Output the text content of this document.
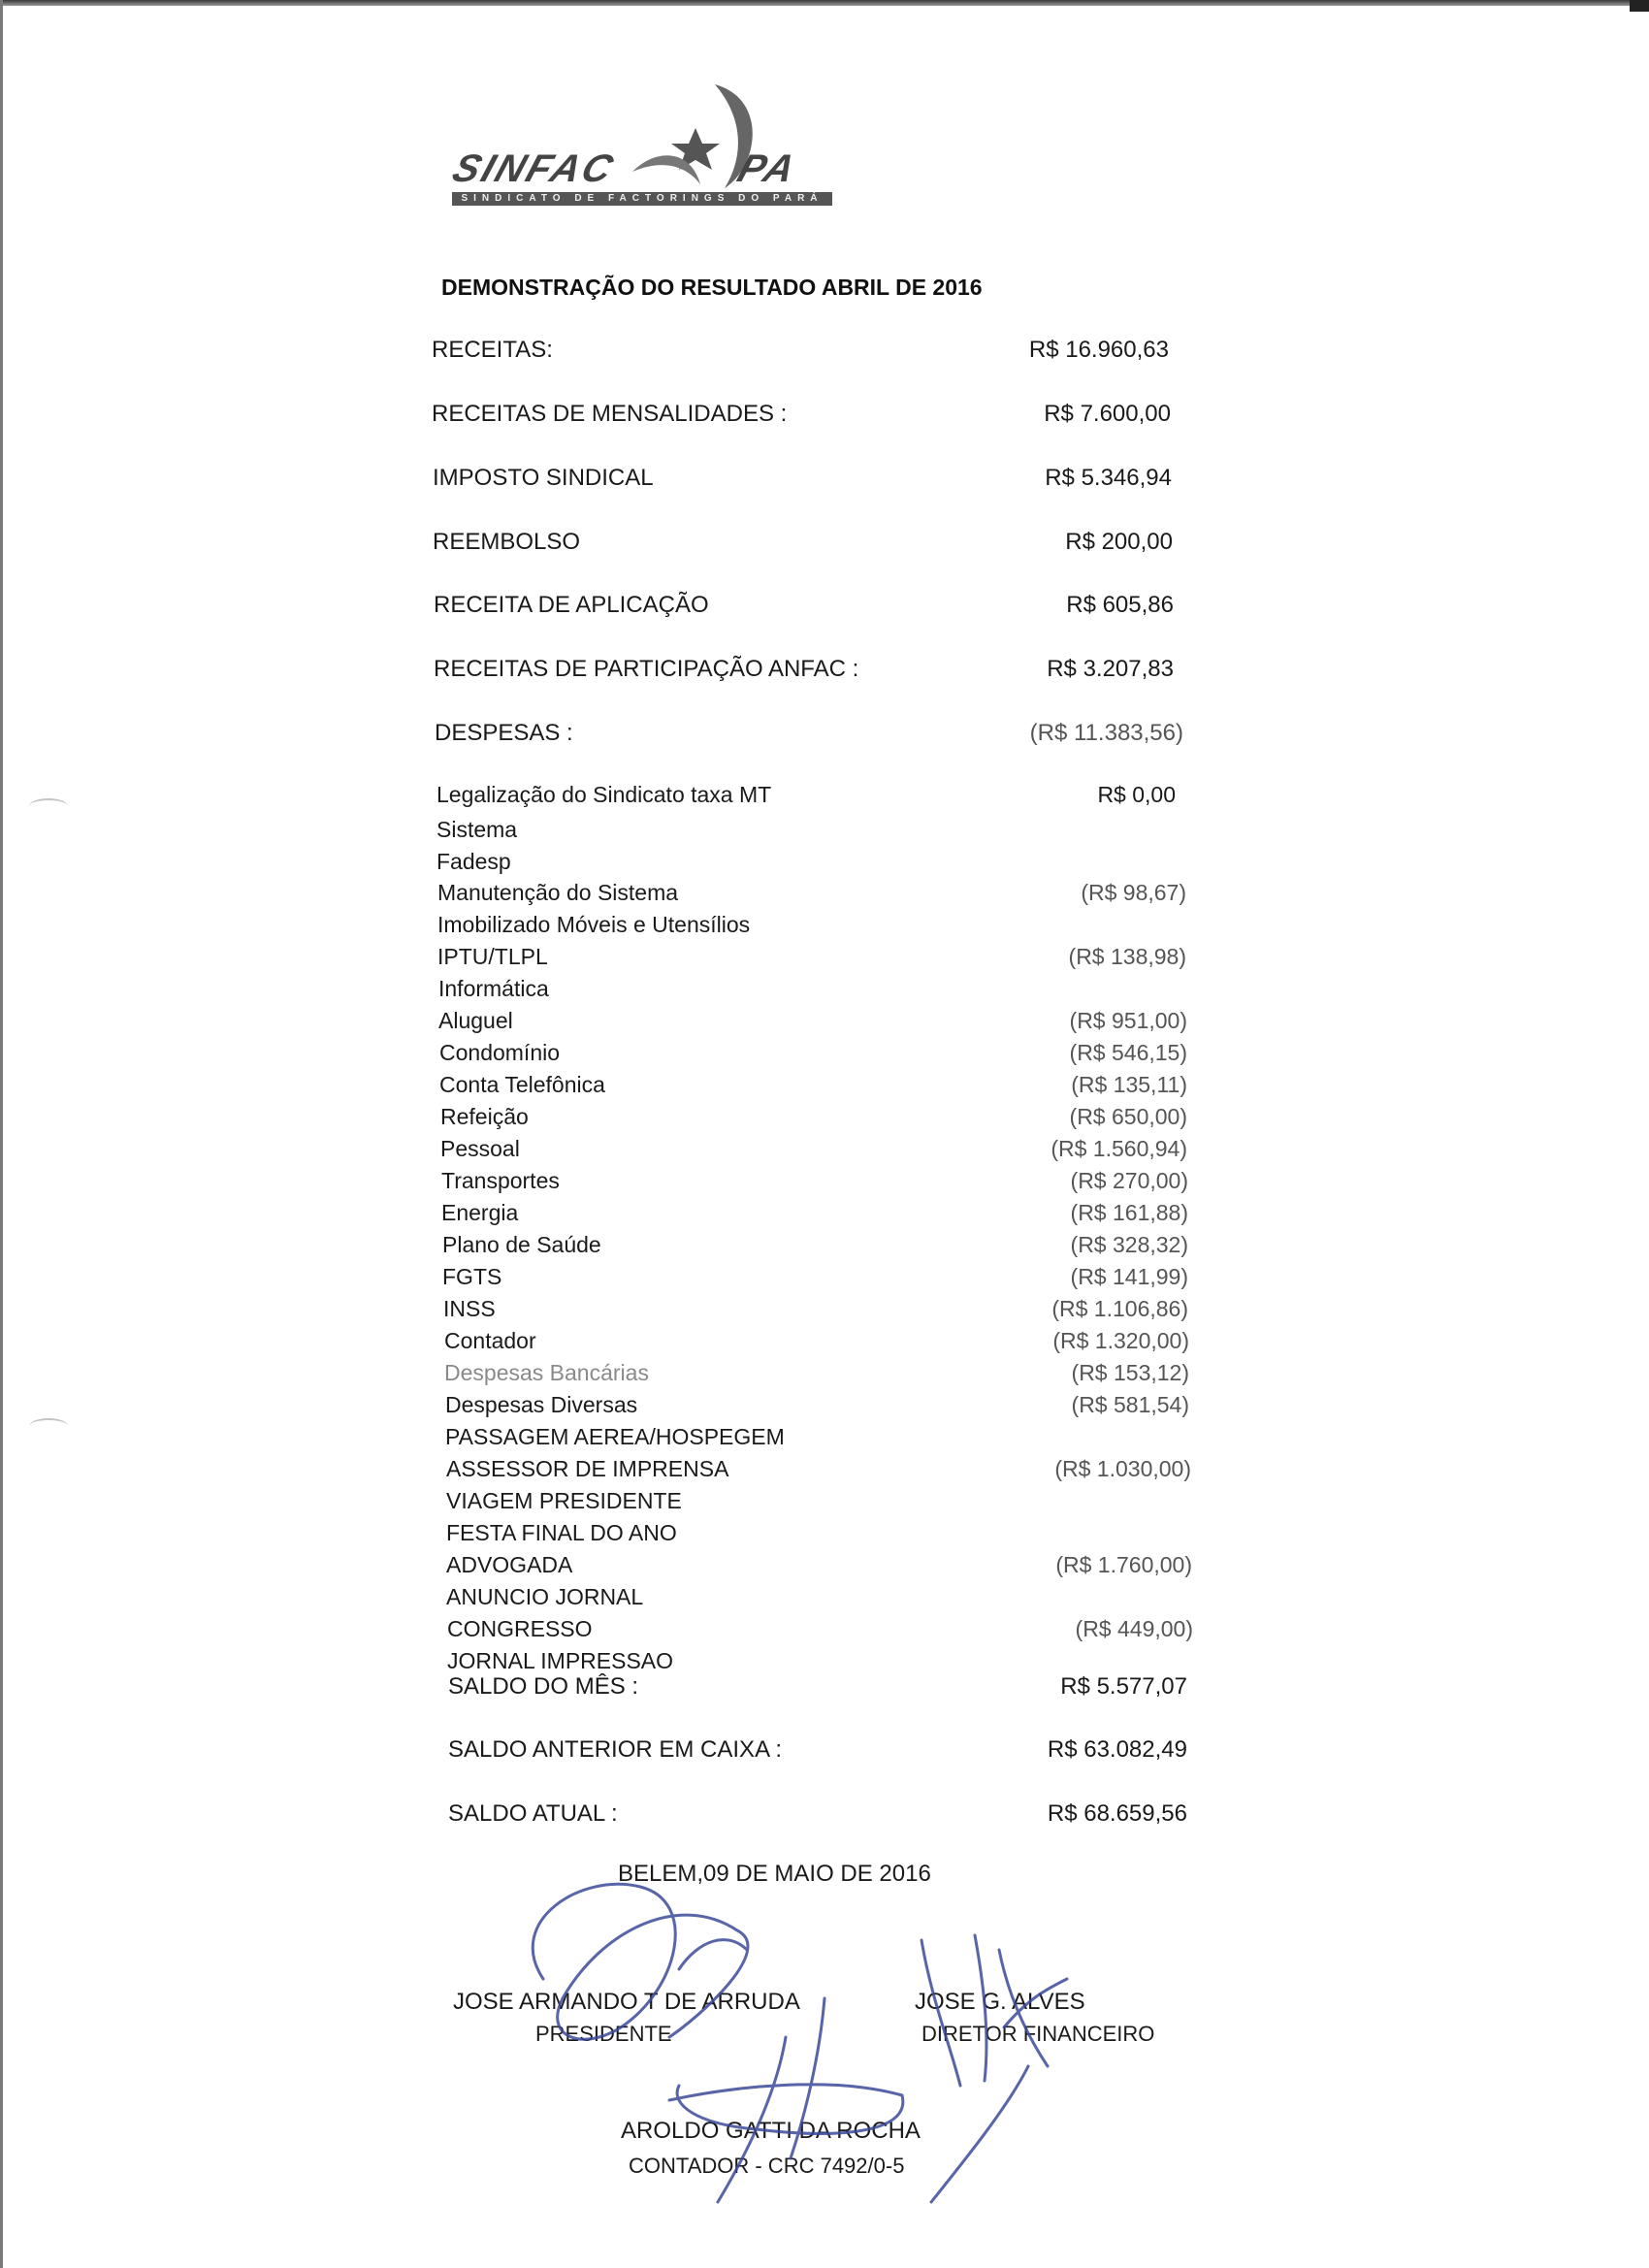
SINFAC	PA
SINDICATO DE FACTORINGS DO PARÁ
DEMONSTRAÇÃO DO RESULTADO ABRIL DE 2016
RECEITAS:	R$ 16.960,63
RECEITAS DE MENSALIDADES :	R$ 7.600,00
IMPOSTO SINDICAL	R$ 5.346,94
REEMBOLSO	R$ 200,00
RECEITA DE APLICAÇÃO	R$ 605,86
RECEITAS DE PARTICIPAÇÃO ANFAC :	R$ 3.207,83
DESPESAS :	(R$ 11.383,56)
Legalização do Sindicato taxa MT	R$ 0,00
Sistema
Fadesp
Manutenção do Sistema	(R$ 98,67)
Imobilizado Móveis e Utensílios
IPTU/TLPL	(R$ 138,98)
Informática
Aluguel	(R$ 951,00)
Condomínio	(R$ 546,15)
Conta Telefônica	(R$ 135,11)
Refeição	(R$ 650,00)
Pessoal	(R$ 1.560,94)
Transportes	(R$ 270,00)
Energia	(R$ 161,88)
Plano de Saúde	(R$ 328,32)
FGTS	(R$ 141,99)
INSS	(R$ 1.106,86)
Contador	(R$ 1.320,00)
Despesas Bancárias	(R$ 153,12)
Despesas Diversas	(R$ 581,54)
PASSAGEM AEREA/HOSPEGEM
ASSESSOR DE IMPRENSA	(R$ 1.030,00)
VIAGEM PRESIDENTE
FESTA FINAL DO ANO
ADVOGADA	(R$ 1.760,00)
ANUNCIO JORNAL
CONGRESSO	(R$ 449,00)
JORNAL IMPRESSAO
SALDO DO MÊS :	R$ 5.577,07
SALDO ANTERIOR EM CAIXA :	R$ 63.082,49
SALDO ATUAL :	R$ 68.659,56
BELEM,09 DE MAIO DE 2016
JOSE ARMANDO T DE ARRUDA
PRESIDENTE
JOSE G. ALVES
DIRETOR FINANCEIRO
AROLDO GATTI DA ROCHA
CONTADOR - CRC 7492/0-5
